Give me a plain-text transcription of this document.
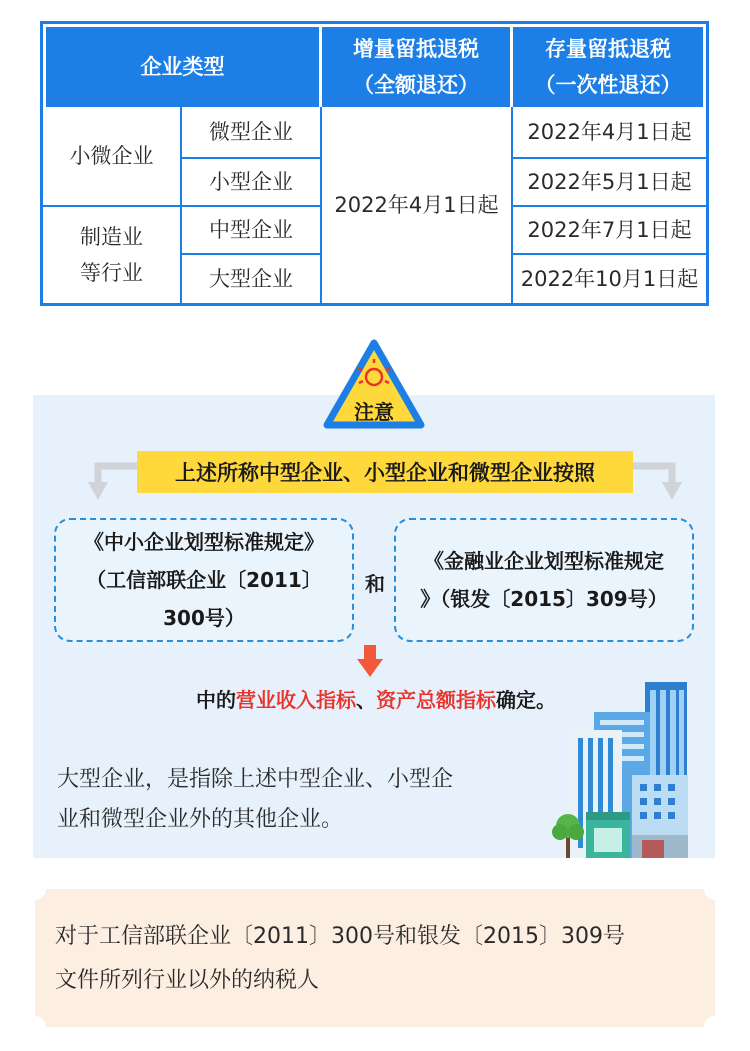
企业类型
增量留抵退税
（全额退还）
存量留抵退税
（一次性退还）
小微企业
制造业
等行业
微型企业
小型企业
中型企业
大型企业
2022年4月1日起
2022年4月1日起
2022年5月1日起
2022年7月1日起
2022年10月1日起
注意
上述所称中型企业、小型企业和微型企业按照
《中小企业划型标准规定》
（工信部联企业〔2011〕
300号）
和
《金融业企业划型标准规定
》（银发〔2015〕309号）
中的营业收入指标、资产总额指标确定。
大型企业，是指除上述中型企业、小型企
业和微型企业外的其他企业。
对于工信部联企业〔2011〕300号和银发〔2015〕309号
文件所列行业以外的纳税人
